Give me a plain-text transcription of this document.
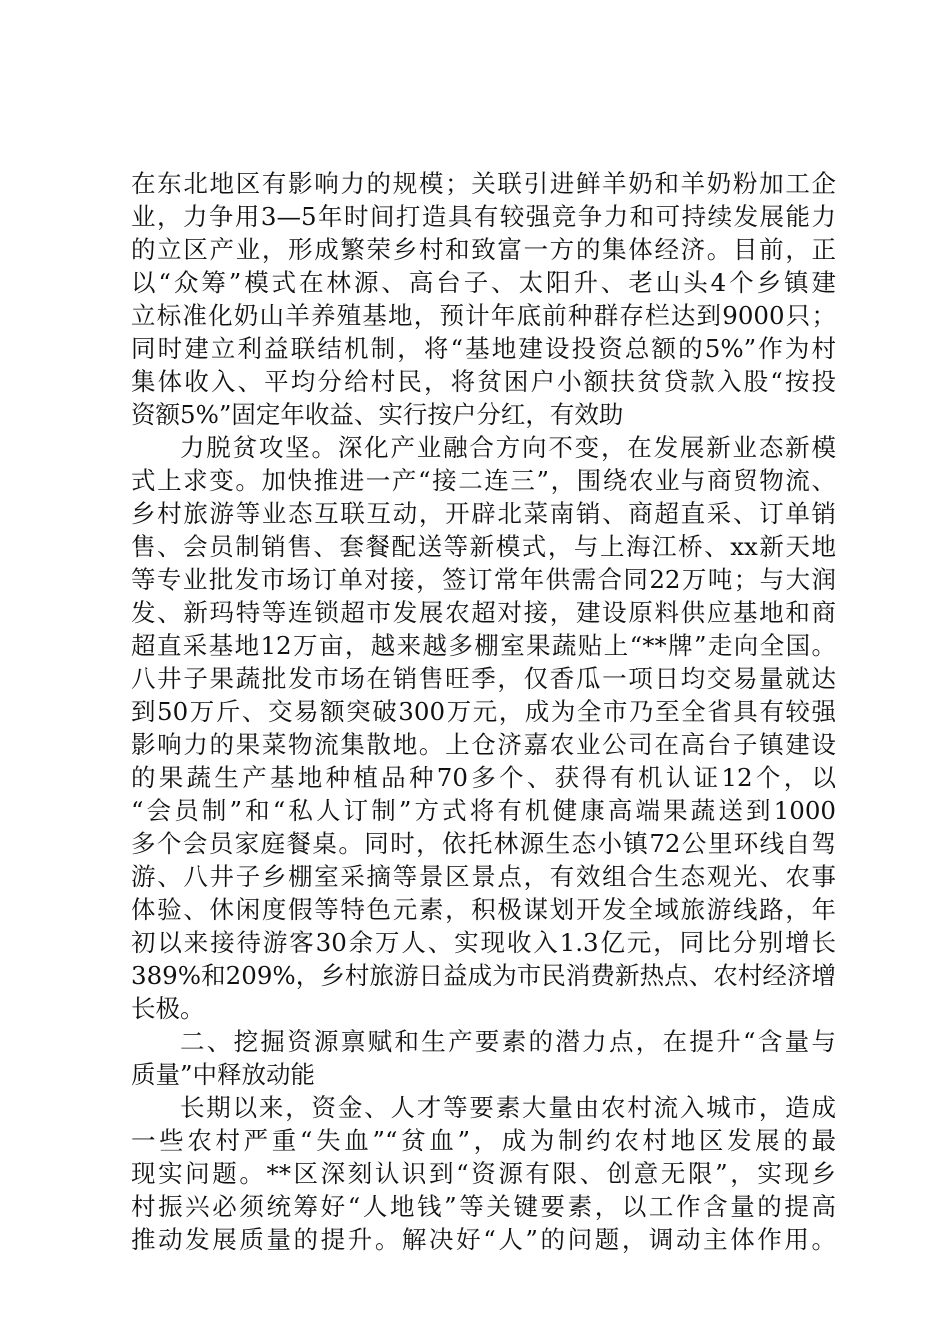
在东北地区有影响力的规模；关联引进鲜羊奶和羊奶粉加工企
业，力争用3—5年时间打造具有较强竞争力和可持续发展能力
的立区产业，形成繁荣乡村和致富一方的集体经济。目前，正
以“众筹”模式在林源、高台子、太阳升、老山头4个乡镇建
立标准化奶山羊养殖基地，预计年底前种群存栏达到9000只；
同时建立利益联结机制，将“基地建设投资总额的5%”作为村
集体收入、平均分给村民，将贫困户小额扶贫贷款入股“按投
资额5%”固定年收益、实行按户分红，有效助
力脱贫攻坚。深化产业融合方向不变，在发展新业态新模
式上求变。加快推进一产“接二连三”，围绕农业与商贸物流、
乡村旅游等业态互联互动，开辟北菜南销、商超直采、订单销
售、会员制销售、套餐配送等新模式，与上海江桥、xx新天地
等专业批发市场订单对接，签订常年供需合同22万吨；与大润
发、新玛特等连锁超市发展农超对接，建设原料供应基地和商
超直采基地12万亩，越来越多棚室果蔬贴上“**牌”走向全国。
八井子果蔬批发市场在销售旺季，仅香瓜一项日均交易量就达
到50万斤、交易额突破300万元，成为全市乃至全省具有较强
影响力的果菜物流集散地。上仓济嘉农业公司在高台子镇建设
的果蔬生产基地种植品种70多个、获得有机认证12个，以
“会员制”和“私人订制”方式将有机健康高端果蔬送到1000
多个会员家庭餐桌。同时，依托林源生态小镇72公里环线自驾
游、八井子乡棚室采摘等景区景点，有效组合生态观光、农事
体验、休闲度假等特色元素，积极谋划开发全域旅游线路，年
初以来接待游客30余万人、实现收入1.3亿元，同比分别增长
389%和209%，乡村旅游日益成为市民消费新热点、农村经济增
长极。
二、挖掘资源禀赋和生产要素的潜力点，在提升“含量与
质量”中释放动能
长期以来，资金、人才等要素大量由农村流入城市，造成
一些农村严重“失血”“贫血”，成为制约农村地区发展的最
现实问题。**区深刻认识到“资源有限、创意无限”，实现乡
村振兴必须统筹好“人地钱”等关键要素，以工作含量的提高
推动发展质量的提升。解决好“人”的问题，调动主体作用。
